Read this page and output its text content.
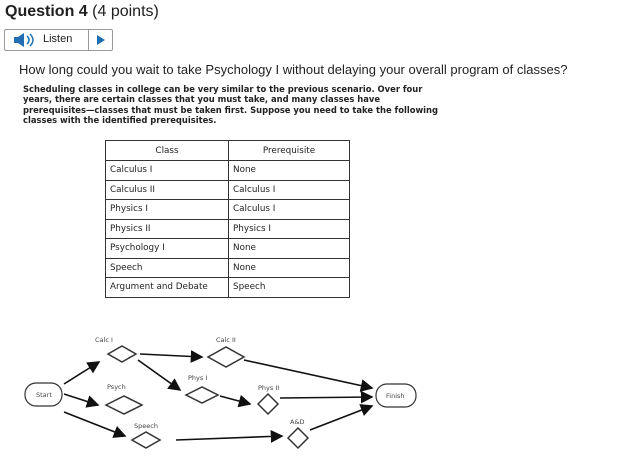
Question 4 (4 points)
Listen
How long could you wait to take Psychology I without delaying your overall program of classes?
Scheduling classes in college can be very similar to the previous scenario. Over four years, there are certain classes that you must take, and many classes have prerequisites—classes that must be taken first. Suppose you need to take the following classes with the identified prerequisites.
Class	Prerequisite
Calculus I	None
Calculus II	Calculus I
Physics I	Calculus I
Physics II	Physics I
Psychology I	None
Speech	None
Argument and Debate	Speech
Start	Finish
Calc I	Calc II
Psych
Phys I
Phys II
Speech	A&D
